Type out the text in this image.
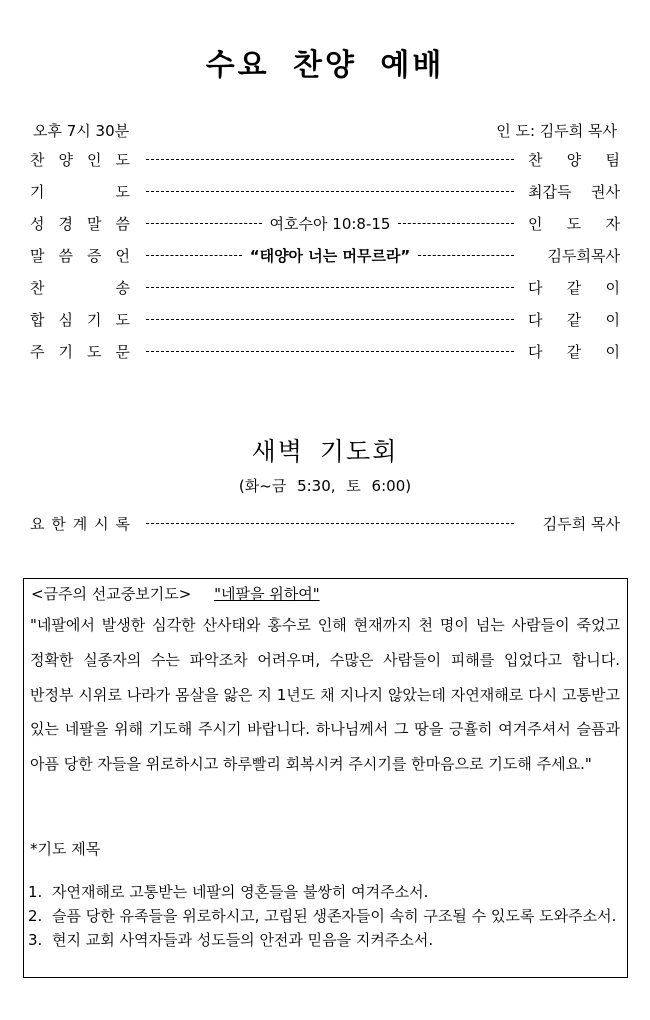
수요 찬양 예배
오후 7시 30분	인 도: 김두희 목사
찬 양 인 도	찬 양 팀
기	도	최갑득 권사
성 경 말 씀	여호수아 10:8-15	인 도 자
말 씀 증 언	“태양아 너는 머무르라”	김두희목사
찬	송	다 같 이
합 심 기 도	다 같 이
주 기 도 문	다 같 이
새벽 기도회
(화~금 5:30, 토 6:00)
요 한 계 시 록	김두희 목사
<금주의 선교중보기도> "네팔을 위하여"
"네팔에서 발생한 심각한 산사태와 홍수로 인해 현재까지 천 명이 넘는 사람들이 죽었고 정확한 실종자의 수는 파악조차 어려우며, 수많은 사람들이 피해를 입었다고 합니다. 반정부 시위로 나라가 몸살을 앓은 지 1년도 채 지나지 않았는데 자연재해로 다시 고통받고 있는 네팔을 위해 기도해 주시기 바랍니다. 하나님께서 그 땅을 긍휼히 여겨주셔서 슬픔과 아픔 당한 자들을 위로하시고 하루빨리 회복시켜 주시기를 한마음으로 기도해 주세요."
*기도 제목
1. 자연재해로 고통받는 네팔의 영혼들을 불쌍히 여겨주소서.
2. 슬픔 당한 유족들을 위로하시고, 고립된 생존자들이 속히 구조될 수 있도록 도와주소서.
3. 현지 교회 사역자들과 성도들의 안전과 믿음을 지켜주소서.
